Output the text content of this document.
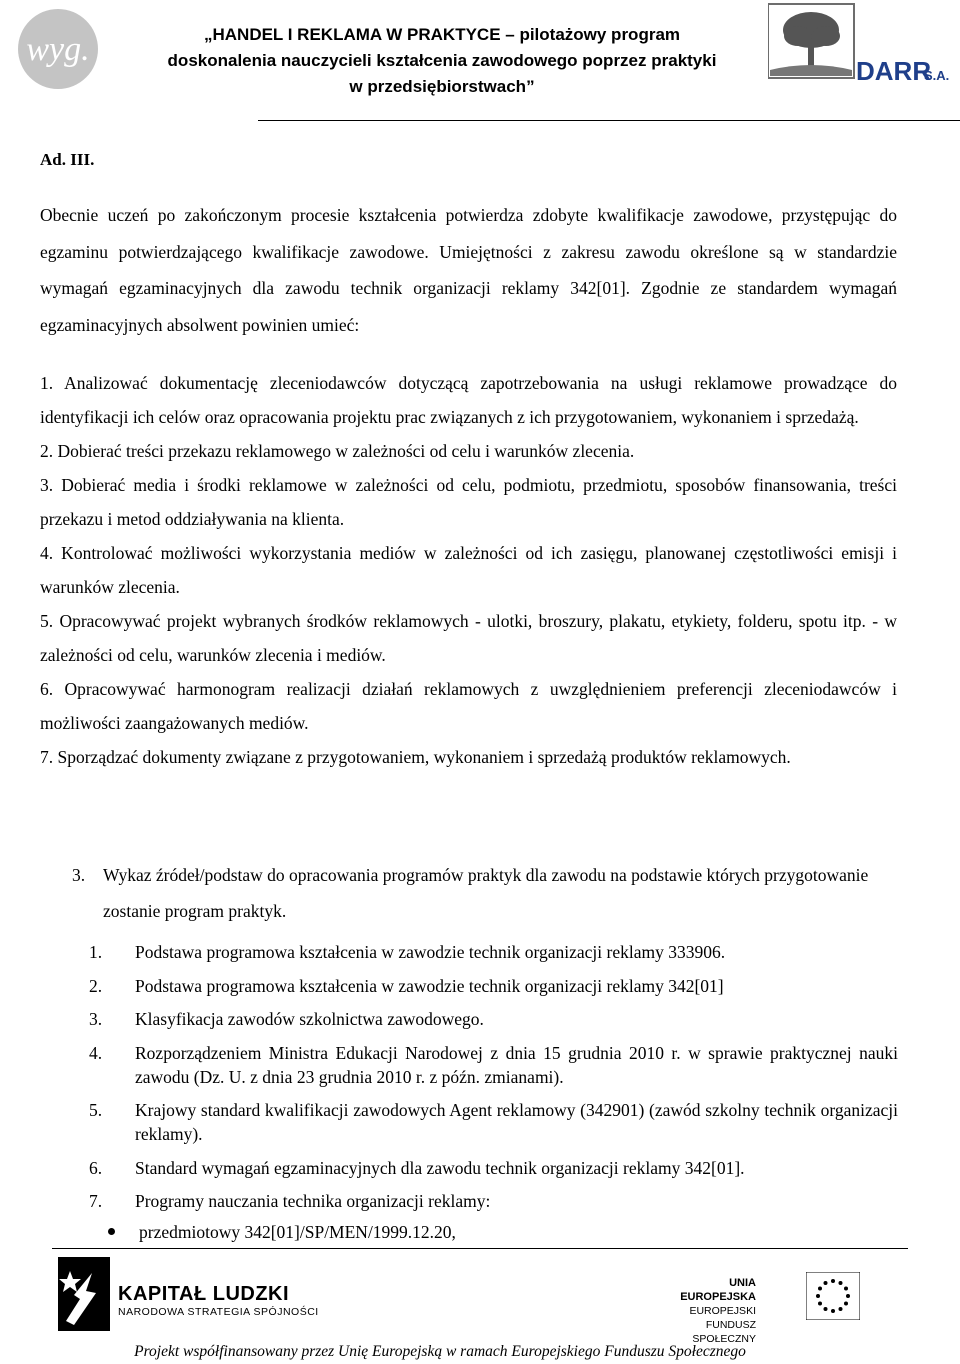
wyg.	„HANDEL I REKLAMA W PRAKTYCE – pilotażowy program
doskonalenia nauczycieli kształcenia zawodowego poprzez praktyki
w przedsiębiorstwach”
DARR
S.A.
Ad. III.
Obecnie uczeń po zakończonym procesie kształcenia potwierdza zdobyte kwalifikacje zawodowe, przystępując do egzaminu potwierdzającego kwalifikacje zawodowe. Umiejętności z zakresu zawodu określone są w standardzie wymagań egzaminacyjnych dla zawodu technik organizacji reklamy 342[01]. Zgodnie ze standardem wymagań egzaminacyjnych absolwent powinien umieć:

1. Analizować dokumentację zleceniodawców dotyczącą zapotrzebowania na usługi reklamowe prowadzące do identyfikacji ich celów oraz opracowania projektu prac związanych z ich przygotowaniem, wykonaniem i sprzedażą.

2. Dobierać treści przekazu reklamowego w zależności od celu i warunków zlecenia.

3. Dobierać media i środki reklamowe w zależności od celu, podmiotu, przedmiotu, sposobów finansowania, treści przekazu i metod oddziaływania na klienta.

4. Kontrolować możliwości wykorzystania mediów w zależności od ich zasięgu, planowanej częstotliwości emisji i warunków zlecenia.

5. Opracowywać projekt wybranych środków reklamowych - ulotki, broszury, plakatu, etykiety, folderu, spotu itp. - w zależności od celu, warunków zlecenia i mediów.

6. Opracowywać harmonogram realizacji działań reklamowych z uwzględnieniem preferencji zleceniodawców i możliwości zaangażowanych mediów.

7. Sporządzać dokumenty związane z przygotowaniem, wykonaniem i sprzedażą produktów reklamowych.

3. Wykaz źródeł/podstaw do opracowania programów praktyk dla zawodu na podstawie których przygotowanie zostanie program praktyk.
1.	Podstawa programowa kształcenia w zawodzie technik organizacji reklamy 333906.
2.	Podstawa programowa kształcenia w zawodzie technik organizacji reklamy 342[01]
3.	Klasyfikacja zawodów szkolnictwa zawodowego.
4.	Rozporządzeniem Ministra Edukacji Narodowej z dnia 15 grudnia 2010 r. w sprawie praktycznej nauki zawodu (Dz. U. z dnia 23 grudnia 2010 r. z późn. zmianami).
5.	Krajowy standard kwalifikacji zawodowych Agent reklamowy (342901) (zawód szkolny technik organizacji reklamy).
6.	Standard wymagań egzaminacyjnych dla zawodu technik organizacji reklamy 342[01].
7.	Programy nauczania technika organizacji reklamy:
przedmiotowy 342[01]/SP/MEN/1999.12.20,
KAPITAŁ LUDZKI
NARODOWA STRATEGIA SPÓJNOŚCI
UNIA EUROPEJSKA
EUROPEJSKI
FUNDUSZ SPOŁECZNY
Projekt współfinansowany przez Unię Europejską w ramach Europejskiego Funduszu Społecznego
